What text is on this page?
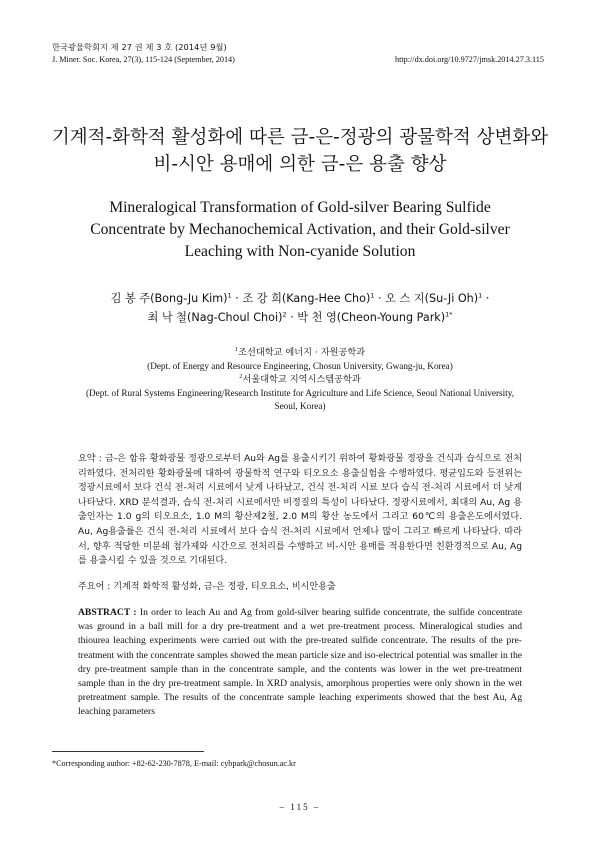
한국광물학회지 제 27 권 제 3 호 (2014년 9월)
J. Miner. Soc. Korea, 27(3), 115-124 (September, 2014)	http://dx.doi.org/10.9727/jmsk.2014.27.3.115
기계적-화학적 활성화에 따른 금-은-정광의 광물학적 상변화와
비-시안 용매에 의한 금-은 용출 향상
Mineralogical Transformation of Gold-silver Bearing Sulfide
Concentrate by Mechanochemical Activation, and their Gold-silver
Leaching with Non-cyanide Solution
김 봉 주(Bong-Ju Kim)$^1$ · 조 강 희(Kang-Hee Cho)$^1$ · 오 스 지(Su-Ji Oh)$^1$ ·
최 낙 철(Nag-Choul Choi)$^2$ · 박 천 영(Cheon-Young Park)$^{1*}$
$^1$조선대학교 에너지 · 자원공학과
(Dept. of Energy and Resource Engineering, Chosun University, Gwang-ju, Korea)
$^2$서울대학교 지역시스템공학과
(Dept. of Rural Systems Engineering/Research Institute for Agriculture and Life Science, Seoul National University,
Seoul, Korea)
요약 : 금-은 함유 황화광물 정광으로부터 Au와 Ag를 용출시키기 위하여 황화광물 정광을 건식과 습식으로 전처리하였다. 전처리한 황화광물에 대하여 광물학적 연구와 티오요소 용출실험을 수행하였다. 평균입도와 등전위는 정광시료에서 보다 건식 전-처리 시료에서 낮게 나타났고, 건식 전-처리 시료 보다 습식 전-처리 시료에서 더 낮게 나타났다. XRD 분석결과, 습식 전-처리 시료에서만 비정질의 특성이 나타났다. 정광시료에서, 최대의 Au, Ag 용출인자는 1.0 g의 티오요소, 1.0 M의 황산제2철, 2.0 M의 황산 농도에서 그리고 60℃의 용출온도에서였다. Au, Ag용출률은 건식 전-처리 시료에서 보다 습식 전-처리 시료에서 언제나 많이 그리고 빠르게 나타났다. 따라서, 향후 적당한 미분쇄 첨가제와 시간으로 전처리를 수행하고 비-시안 용매를 적용한다면 친환경적으로 Au, Ag를 용출시킬 수 있을 것으로 기대된다.
주요어 : 기계적 화학적 활성화, 금-은 정광, 티오요소, 비시안용출
ABSTRACT : In order to leach Au and Ag from gold-silver bearing sulfide concentrate, the sulfide concentrate was ground in a ball mill for a dry pre-treatment and a wet pre-treatment process. Mineralogical studies and thiourea leaching experiments were carried out with the pre-treated sulfide concentrate. The results of the pre-treatment with the concentrate samples showed the mean particle size and iso-electrical potential was smaller in the dry pre-treatment sample than in the concentrate sample, and the contents was lower in the wet pre-treatment sample than in the dry pre-treatment sample. In XRD analysis, amorphous properties were only shown in the wet pretreatment sample. The results of the concentrate sample leaching experiments showed that the best Au, Ag leaching parameters
*Corresponding author: +82-62-230-7878, E-mail: cybpark@chosun.ac.kr
– 115 –
